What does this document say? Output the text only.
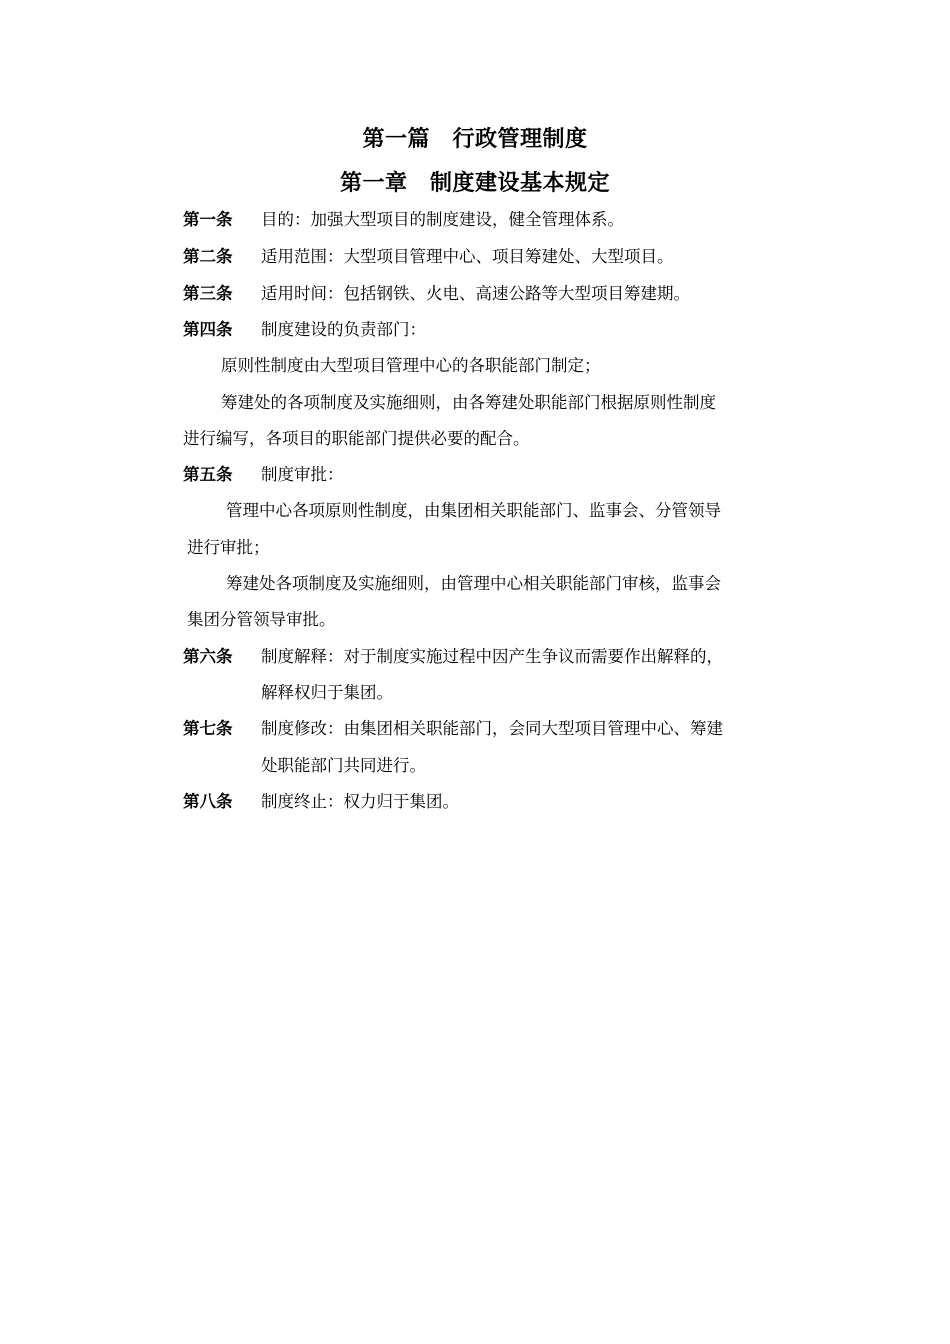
第一篇　行政管理制度
第一章　制度建设基本规定
第一条 目的：加强大型项目的制度建设，健全管理体系。
第二条 适用范围：大型项目管理中心、项目筹建处、大型项目。
第三条 适用时间：包括钢铁、火电、高速公路等大型项目筹建期。
第四条 制度建设的负责部门：
原则性制度由大型项目管理中心的各职能部门制定；
筹建处的各项制度及实施细则，由各筹建处职能部门根据原则性制度
进行编写，各项目的职能部门提供必要的配合。
第五条 制度审批：
管理中心各项原则性制度，由集团相关职能部门、监事会、分管领导
进行审批；
筹建处各项制度及实施细则，由管理中心相关职能部门审核，监事会
集团分管领导审批。
第六条 制度解释：对于制度实施过程中因产生争议而需要作出解释的，
解释权归于集团。
第七条 制度修改：由集团相关职能部门，会同大型项目管理中心、筹建
处职能部门共同进行。
第八条 制度终止：权力归于集团。
